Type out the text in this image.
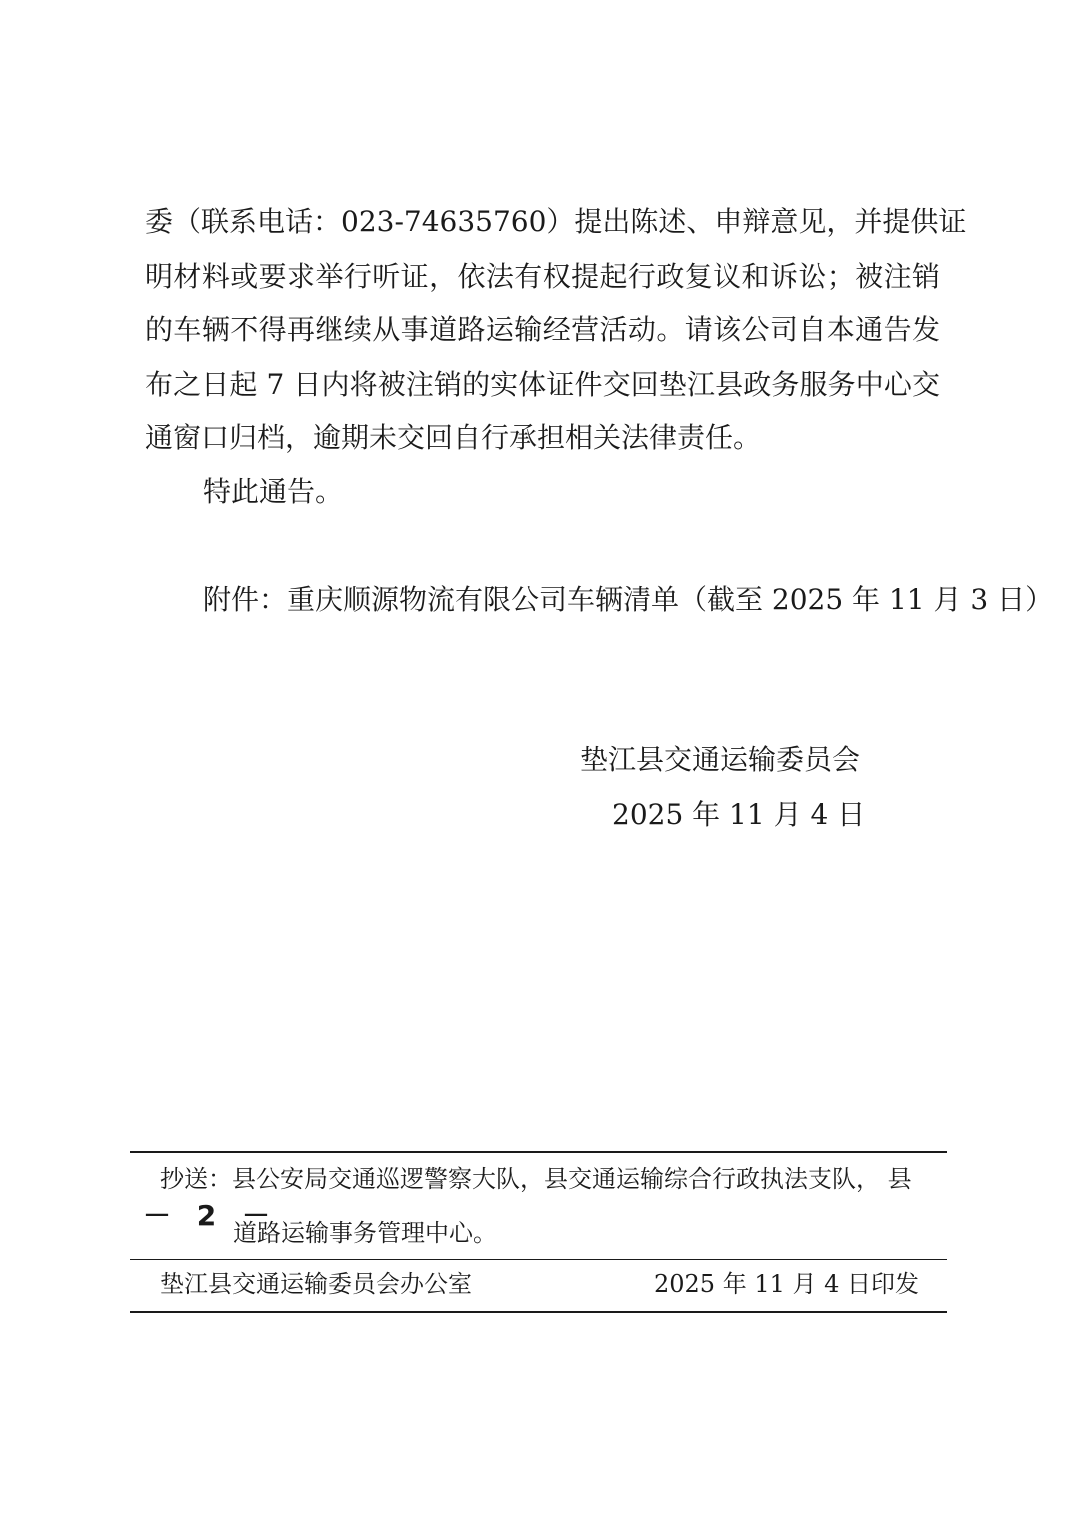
委（联系电话：023-74635760）提出陈述、申辩意见，并提供证
明材料或要求举行听证，依法有权提起行政复议和诉讼；被注销
的车辆不得再继续从事道路运输经营活动。请该公司自本通告发
布之日起 7 日内将被注销的实体证件交回垫江县政务服务中心交
通窗口归档，逾期未交回自行承担相关法律责任。
特此通告。
附件：重庆顺源物流有限公司车辆清单（截至 2025 年 11 月 3 日）
垫江县交通运输委员会
2025 年 11 月 4 日
抄送：县公安局交通巡逻警察大队，县交通运输综合行政执法支队， 县
道路运输事务管理中心。
垫江县交通运输委员会办公室	2025 年 11 月 4 日印发
－ 2 －
